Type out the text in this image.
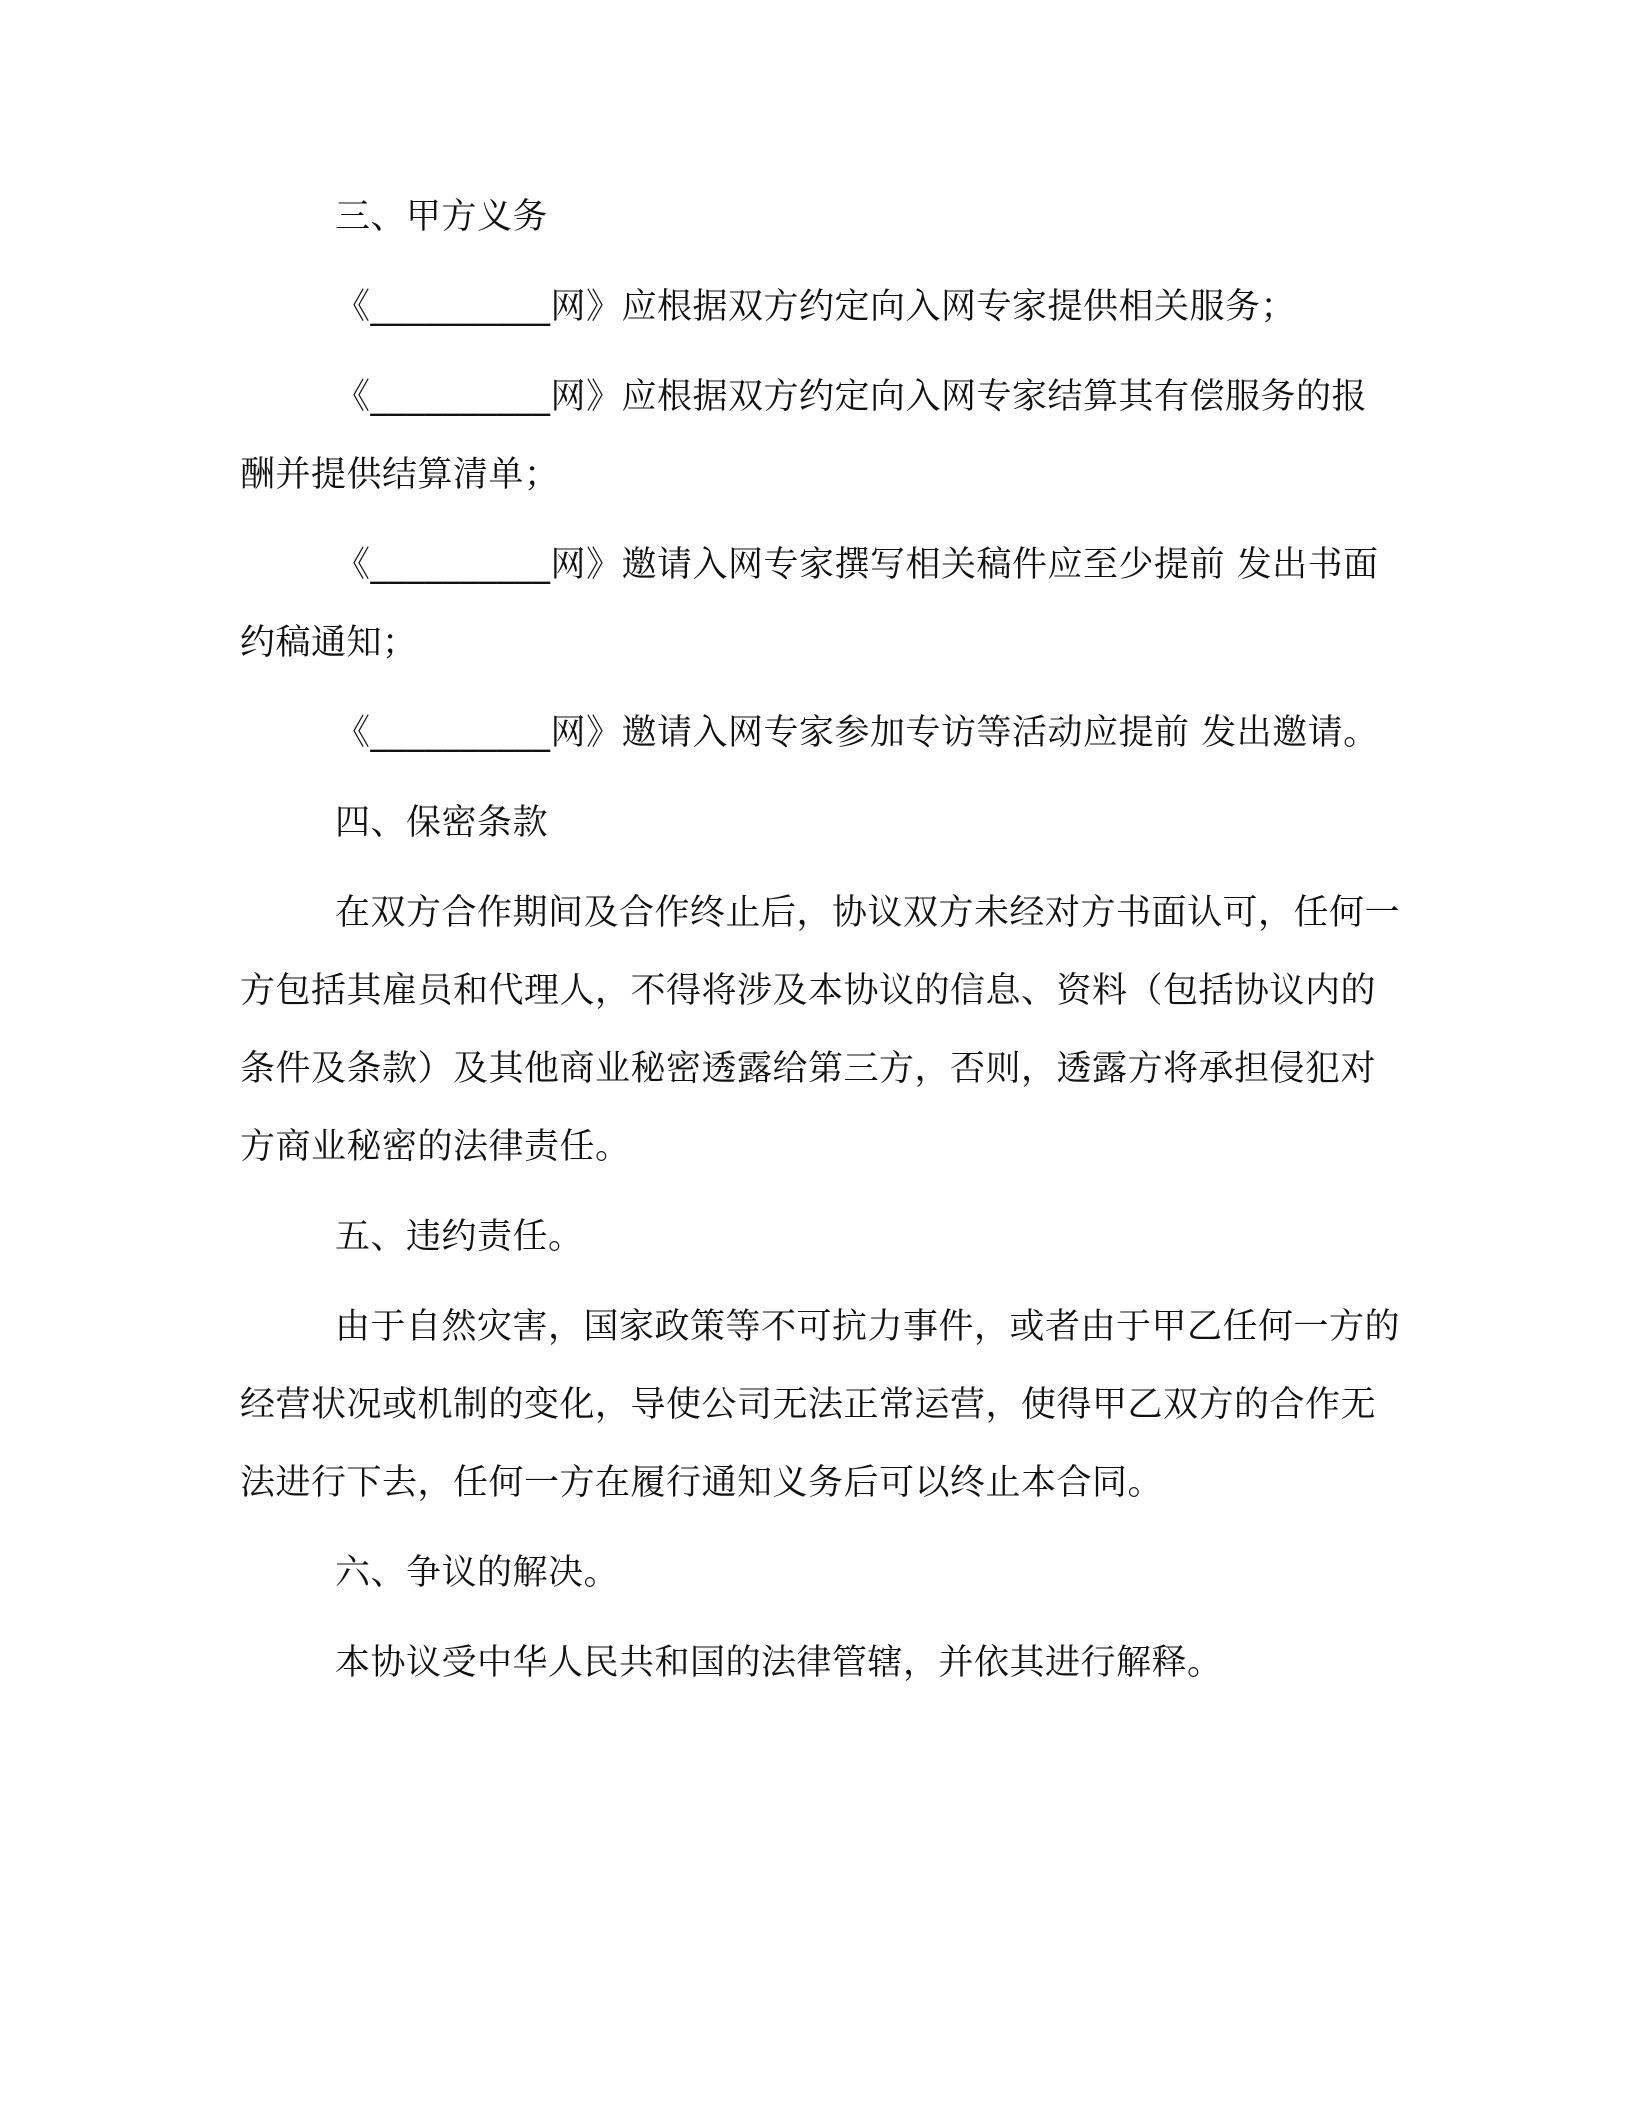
三、甲方义务

《__________网》应根据双方约定向入网专家提供相关服务；

《__________网》应根据双方约定向入网专家结算其有偿服务的报酬并提供结算清单；

《__________网》邀请入网专家撰写相关稿件应至少提前 发出书面约稿通知；

《__________网》邀请入网专家参加专访等活动应提前 发出邀请。

四、保密条款

在双方合作期间及合作终止后，协议双方未经对方书面认可，任何一方包括其雇员和代理人，不得将涉及本协议的信息、资料（包括协议内的条件及条款）及其他商业秘密透露给第三方，否则，透露方将承担侵犯对方商业秘密的法律责任。

五、违约责任。

由于自然灾害，国家政策等不可抗力事件，或者由于甲乙任何一方的经营状况或机制的变化，导使公司无法正常运营，使得甲乙双方的合作无法进行下去，任何一方在履行通知义务后可以终止本合同。

六、争议的解决。

本协议受中华人民共和国的法律管辖，并依其进行解释。
